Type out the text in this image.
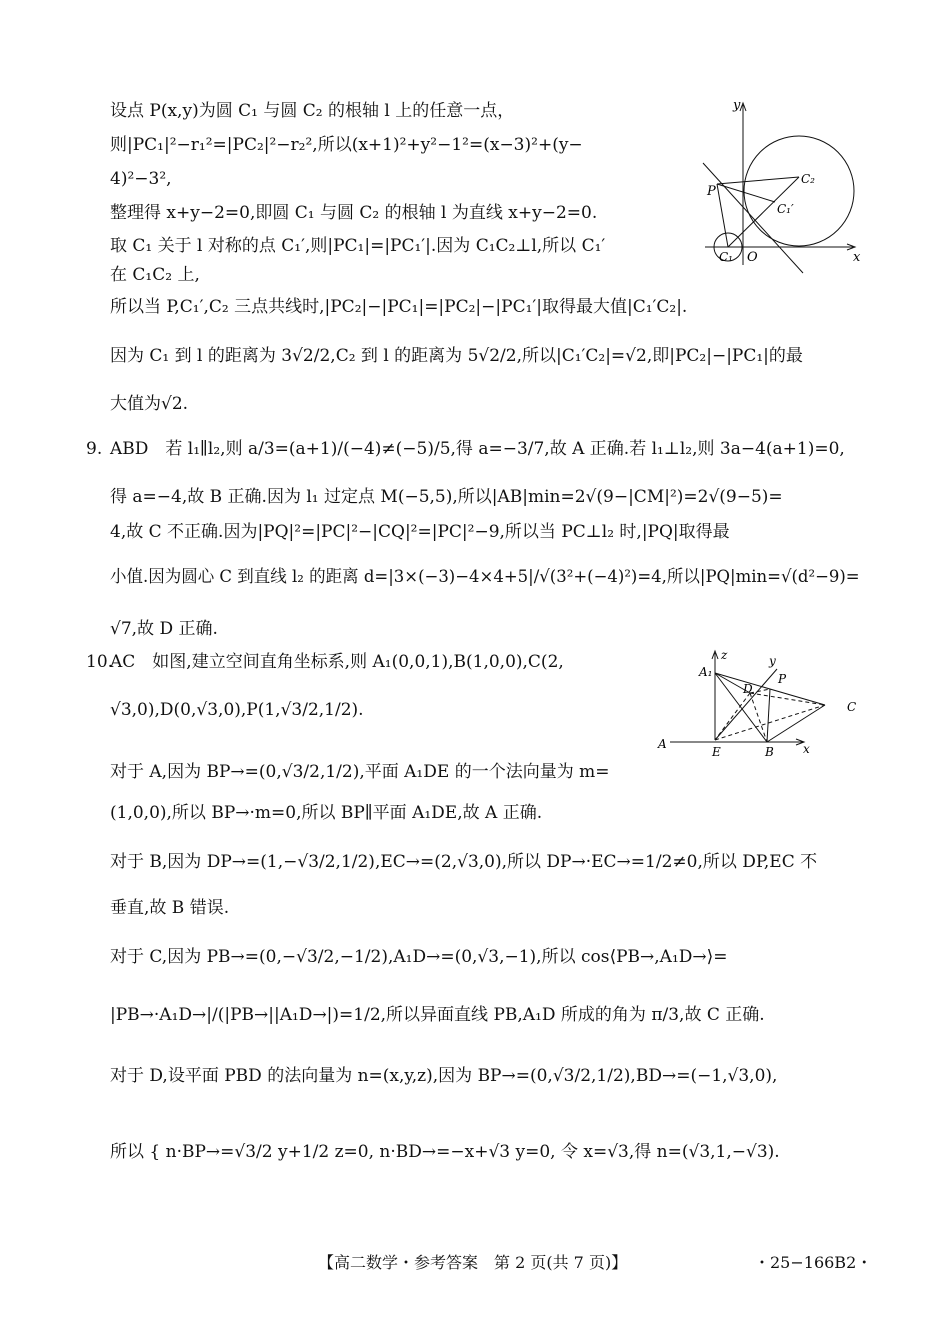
设点 P(x,y)为圆 C₁ 与圆 C₂ 的根轴 l 上的任意一点，
则|PC₁|²−r₁²=|PC₂|²−r₂²,所以(x+1)²+y²−1²=(x−3)²+(y−
4)²−3²,
整理得 x+y−2=0,即圆 C₁ 与圆 C₂ 的根轴 l 为直线 x+y−2=0.
取 C₁ 关于 l 对称的点 C₁′,则|PC₁|=|PC₁′|.因为 C₁C₂⊥l,所以 C₁′
在 C₁C₂ 上,
所以当 P,C₁′,C₂ 三点共线时,|PC₂|−|PC₁|=|PC₂|−|PC₁′|取得最大值|C₁′C₂|.
因为 C₁ 到 l 的距离为 3√2/2,C₂ 到 l 的距离为 5√2/2,所以|C₁′C₂|=√2,即|PC₂|−|PC₁|的最
大值为√2.
y
x
O
P
C₁
C₂
C₁′
9. ABD　若 l₁∥l₂,则 a/3=(a+1)/(−4)≠(−5)/5,得 a=−3/7,故 A 正确.若 l₁⊥l₂,则 3a−4(a+1)=0,
得 a=−4,故 B 正确.因为 l₁ 过定点 M(−5,5),所以|AB|min=2√(9−|CM|²)=2√(9−5)=
4,故 C 不正确.因为|PQ|²=|PC|²−|CQ|²=|PC|²−9,所以当 PC⊥l₂ 时,|PQ|取得最
小值.因为圆心 C 到直线 l₂ 的距离 d=|3×(−3)−4×4+5|/√(3²+(−4)²)=4,所以|PQ|min=√(d²−9)=
√7,故 D 正确.
10.
AC　如图,建立空间直角坐标系,则 A₁(0,0,1),B(1,0,0),C(2,
√3,0),D(0,√3,0),P(1,√3/2,1/2).
对于 A,因为 BP→=(0,√3/2,1/2),平面 A₁DE 的一个法向量为 m=
(1,0,0),所以 BP→·m=0,所以 BP∥平面 A₁DE,故 A 正确.
对于 B,因为 DP→=(1,−√3/2,1/2),EC→=(2,√3,0),所以 DP→·EC→=1/2≠0,所以 DP,EC 不
垂直,故 B 错误.
对于 C,因为 PB→=(0,−√3/2,−1/2),A₁D→=(0,√3,−1),所以 cos⟨PB→,A₁D→⟩=
|PB→·A₁D→|/(|PB→||A₁D→|)=1/2,所以异面直线 PB,A₁D 所成的角为 π/3,故 C 正确.
对于 D,设平面 PBD 的法向量为 n=(x,y,z),因为 BP→=(0,√3/2,1/2),BD→=(−1,√3,0),
所以 { n·BP→=√3/2 y+1/2 z=0, n·BD→=−x+√3 y=0, 令 x=√3,得 n=(√3,1,−√3).
z	y
x
A₁
D
P
C
A
E	B
【高二数学・参考答案　第 2 页(共 7 页)】	・25−166B2・
